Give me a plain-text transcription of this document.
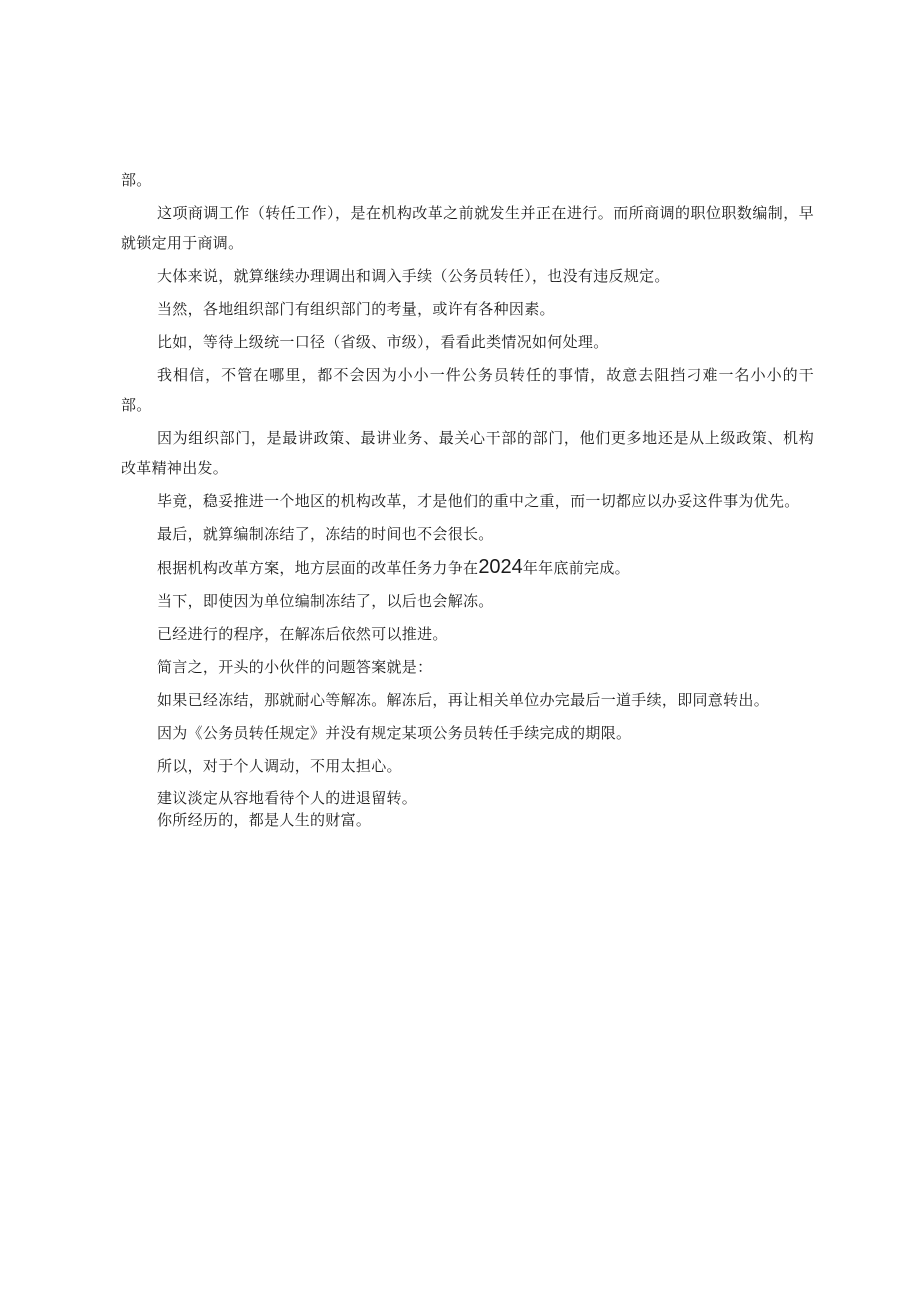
部。

这项商调工作（转任工作），是在机构改革之前就发生并正在进行。而所商调的职位职数编制，早就锁定用于商调。

大体来说，就算继续办理调出和调入手续（公务员转任），也没有违反规定。

当然，各地组织部门有组织部门的考量，或许有各种因素。

比如，等待上级统一口径（省级、市级），看看此类情况如何处理。

我相信，不管在哪里，都不会因为小小一件公务员转任的事情，故意去阻挡刁难一名小小的干部。

因为组织部门，是最讲政策、最讲业务、最关心干部的部门，他们更多地还是从上级政策、机构改革精神出发。

毕竟，稳妥推进一个地区的机构改革，才是他们的重中之重，而一切都应以办妥这件事为优先。

最后，就算编制冻结了，冻结的时间也不会很长。

根据机构改革方案，地方层面的改革任务力争在2024年年底前完成。

当下，即使因为单位编制冻结了，以后也会解冻。

已经进行的程序，在解冻后依然可以推进。

简言之，开头的小伙伴的问题答案就是：

如果已经冻结，那就耐心等解冻。解冻后，再让相关单位办完最后一道手续，即同意转出。

因为《公务员转任规定》并没有规定某项公务员转任手续完成的期限。

所以，对于个人调动，不用太担心。

建议淡定从容地看待个人的进退留转。

你所经历的，都是人生的财富。
